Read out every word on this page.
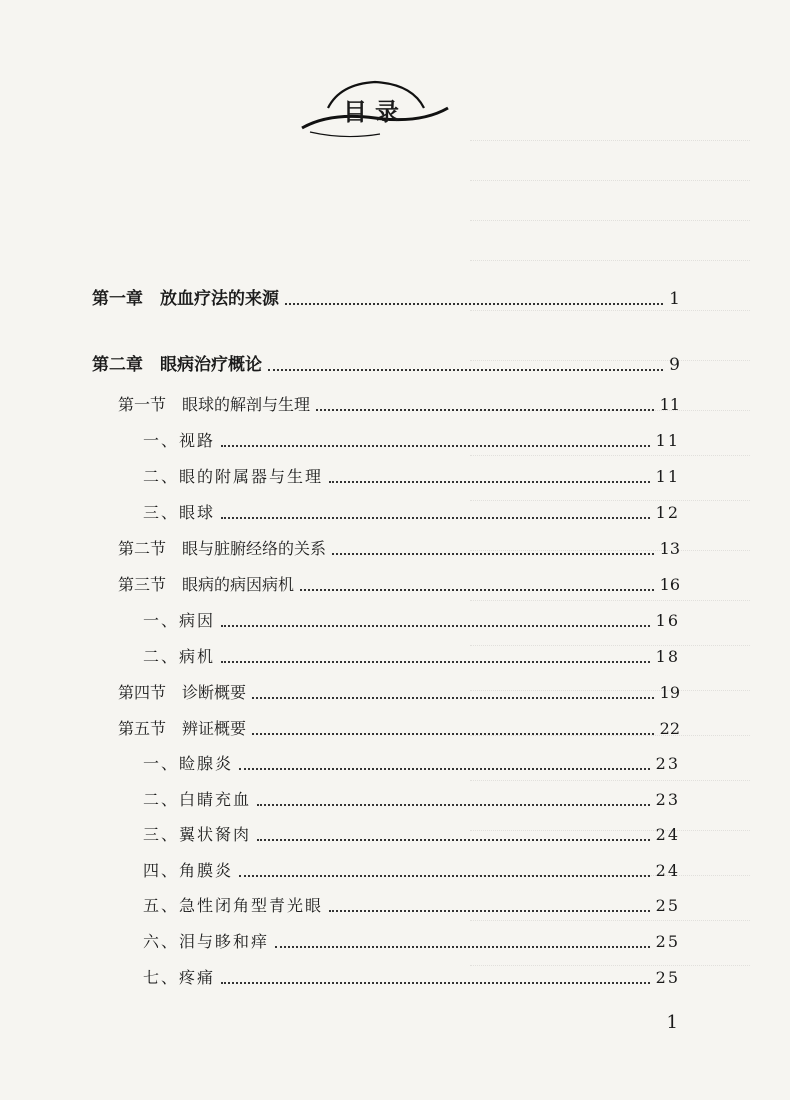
目录
第一章　放血疗法的来源	1
第二章　眼病治疗概论	9
第一节　眼球的解剖与生理	11
一、视路	11
二、眼的附属器与生理	11
三、眼球	12
第二节　眼与脏腑经络的关系	13
第三节　眼病的病因病机	16
一、病因	16
二、病机	18
第四节　诊断概要	19
第五节　辨证概要	22
一、睑腺炎	23
二、白睛充血	23
三、翼状胬肉	24
四、角膜炎	24
五、急性闭角型青光眼	25
六、泪与眵和痒	25
七、疼痛	25
1
